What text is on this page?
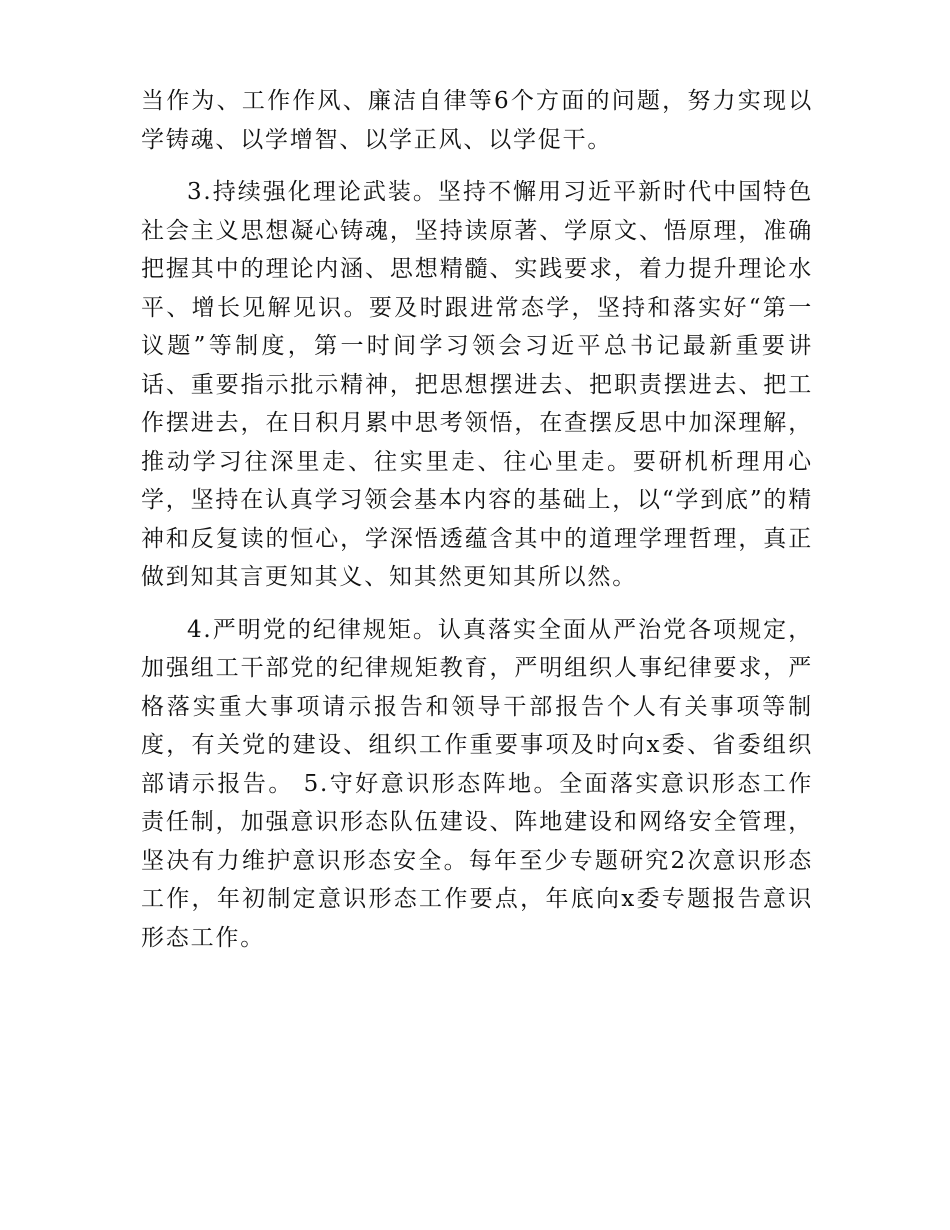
当作为、工作作风、廉洁自律等6个方面的问题，努力实现以学铸魂、以学增智、以学正风、以学促干。

3.持续强化理论武装。坚持不懈用习近平新时代中国特色社会主义思想凝心铸魂，坚持读原著、学原文、悟原理，准确把握其中的理论内涵、思想精髓、实践要求，着力提升理论水平、增长见解见识。要及时跟进常态学，坚持和落实好“第一议题”等制度，第一时间学习领会习近平总书记最新重要讲话、重要指示批示精神，把思想摆进去、把职责摆进去、把工作摆进去，在日积月累中思考领悟，在查摆反思中加深理解，推动学习往深里走、往实里走、往心里走。要研机析理用心学，坚持在认真学习领会基本内容的基础上，以“学到底”的精神和反复读的恒心，学深悟透蕴含其中的道理学理哲理，真正做到知其言更知其义、知其然更知其所以然。

4.严明党的纪律规矩。认真落实全面从严治党各项规定，加强组工干部党的纪律规矩教育，严明组织人事纪律要求，严格落实重大事项请示报告和领导干部报告个人有关事项等制度，有关党的建设、组织工作重要事项及时向x委、省委组织部请示报告。 5.守好意识形态阵地。全面落实意识形态工作责任制，加强意识形态队伍建设、阵地建设和网络安全管理，坚决有力维护意识形态安全。每年至少专题研究2次意识形态工作，年初制定意识形态工作要点，年底向x委专题报告意识形态工作。
